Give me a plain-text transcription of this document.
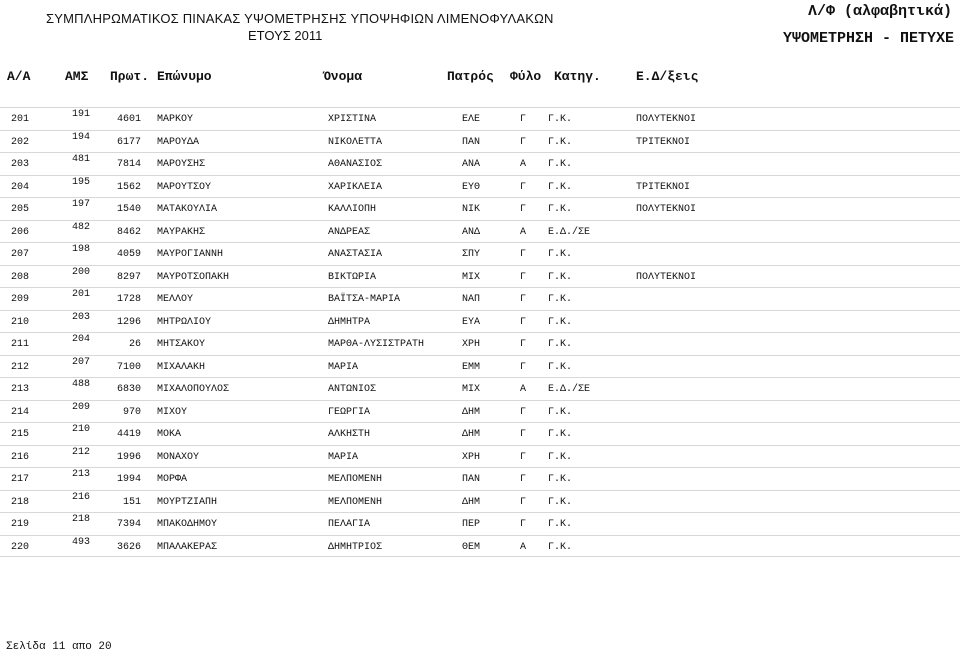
ΣΥΜΠΛΗΡΩΜΑΤΙΚΟΣ ΠΙΝΑΚΑΣ ΥΨΟΜΕΤΡΗΣΗΣ ΥΠΟΨΗΦΙΩΝ ΛΙΜΕΝΟΦΥΛΑΚΩΝ
ΕΤΟΥΣ 2011
Λ/Φ (αλφαβητικά)
ΥΨΟΜΕΤΡΗΣΗ - ΠΕΤΥΧΕ
Α/Α	ΑΜΣ Πρωτ. Επώνυμο	Όνομα	Πατρός Φύλο Κατηγ.	Ε.Δ/ξεις
201	191	4601 ΜΑΡΚΟΥ	ΧΡΙΣΤΙΝΑ	ΕΛΕ	Γ Γ.Κ.	ΠΟΛΥΤΕΚΝΟΙ
202	194	6177 ΜΑΡΟΥΔΑ	ΝΙΚΟΛΕΤΤΑ	ΠΑΝ	Γ Γ.Κ.	ΤΡΙΤΕΚΝΟΙ
203	481	7814 ΜΑΡΟΥΣΗΣ	ΑΘΑΝΑΣΙΟΣ	ΑΝΑ	Α Γ.Κ.
204	195	1562 ΜΑΡΟΥΤΣΟΥ	ΧΑΡΙΚΛΕΙΑ	ΕΥΘ	Γ Γ.Κ.	ΤΡΙΤΕΚΝΟΙ
205	197	1540 ΜΑΤΑΚΟΥΛΙΑ	ΚΑΛΛΙΟΠΗ	ΝΙΚ	Γ Γ.Κ.	ΠΟΛΥΤΕΚΝΟΙ
206	482	8462 ΜΑΥΡΑΚΗΣ	ΑΝΔΡΕΑΣ	ΑΝΔ	Α Ε.Δ./ΣΕ
207	198	4059 ΜΑΥΡΟΓΙΑΝΝΗ	ΑΝΑΣΤΑΣΙΑ	ΣΠΥ	Γ Γ.Κ.
208	200	8297 ΜΑΥΡΟΤΣΟΠΑΚΗ	ΒΙΚΤΩΡΙΑ	ΜΙΧ	Γ Γ.Κ.	ΠΟΛΥΤΕΚΝΟΙ
209	201	1728 ΜΕΛΛΟΥ	ΒΑΪΤΣΑ-ΜΑΡΙΑ	ΝΑΠ	Γ Γ.Κ.
210	203	1296 ΜΗΤΡΩΛΙΟΥ	ΔΗΜΗΤΡΑ	ΕΥΑ	Γ Γ.Κ.
211	204	26 ΜΗΤΣΑΚΟΥ	ΜΑΡΘΑ-ΛΥΣΙΣΤΡΑΤΗ	ΧΡΗ	Γ Γ.Κ.
212	207	7100 ΜΙΧΑΛΑΚΗ	ΜΑΡΙΑ	ΕΜΜ	Γ Γ.Κ.
213	488	6830 ΜΙΧΑΛΟΠΟΥΛΟΣ	ΑΝΤΩΝΙΟΣ	ΜΙΧ	Α Ε.Δ./ΣΕ
214	209	970 ΜΙΧΟΥ	ΓΕΩΡΓΙΑ	ΔΗΜ	Γ Γ.Κ.
215	210	4419 ΜΟΚΑ	ΑΛΚΗΣΤΗ	ΔΗΜ	Γ Γ.Κ.
216	212	1996 ΜΟΝΑΧΟΥ	ΜΑΡΙΑ	ΧΡΗ	Γ Γ.Κ.
217	213	1994 ΜΟΡΦΑ	ΜΕΛΠΟΜΕΝΗ	ΠΑΝ	Γ Γ.Κ.
218	216	151 ΜΟΥΡΤΖΙΑΠΗ	ΜΕΛΠΟΜΕΝΗ	ΔΗΜ	Γ Γ.Κ.
219	218	7394 ΜΠΑΚΟΔΗΜΟΥ	ΠΕΛΑΓΙΑ	ΠΕΡ	Γ Γ.Κ.
220	493	3626 ΜΠΑΛΑΚΕΡΑΣ	ΔΗΜΗΤΡΙΟΣ	ΘΕΜ	Α Γ.Κ.
Σελίδα 11 απο 20
